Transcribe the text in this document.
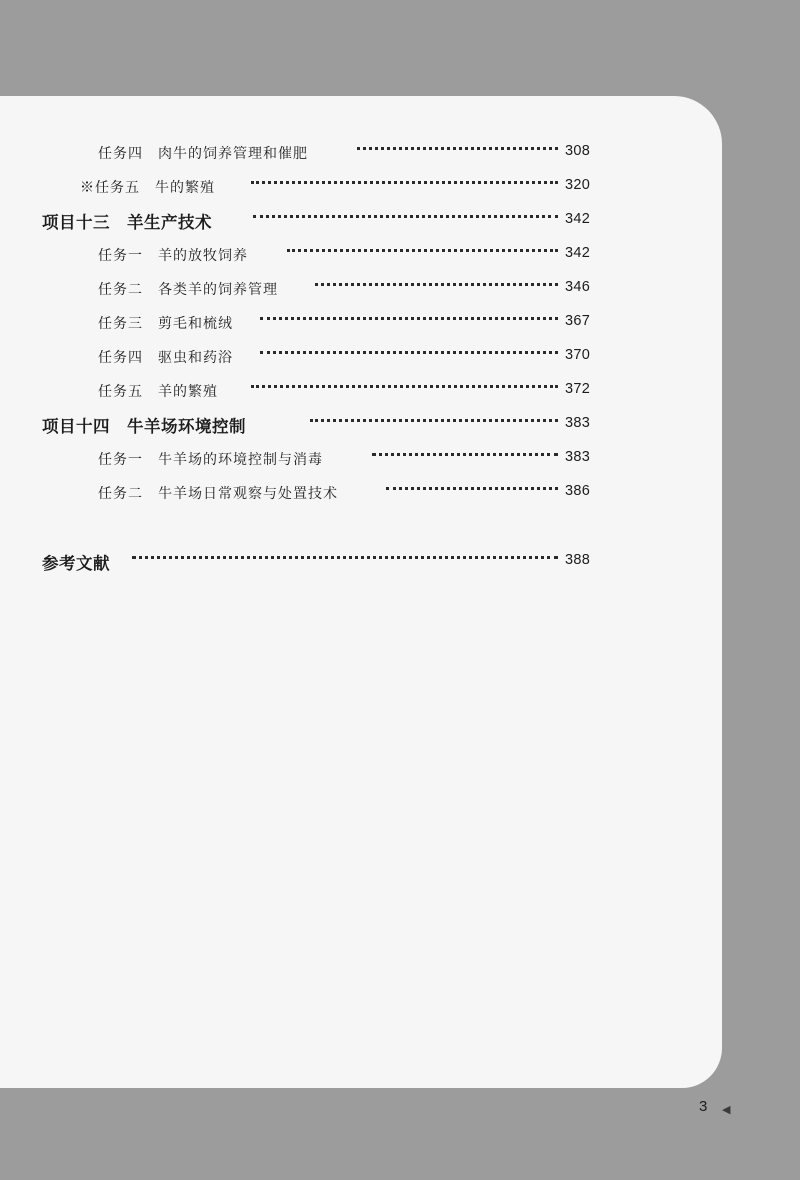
任务四　肉牛的饲养管理和催肥	308
※任务五　牛的繁殖	320
项目十三　羊生产技术	342
任务一　羊的放牧饲养	342
任务二　各类羊的饲养管理	346
任务三　剪毛和梳绒	367
任务四　驱虫和药浴	370
任务五　羊的繁殖	372
项目十四　牛羊场环境控制	383
任务一　牛羊场的环境控制与消毒	383
任务二　牛羊场日常观察与处置技术	386
参考文献	388
3 ◀
